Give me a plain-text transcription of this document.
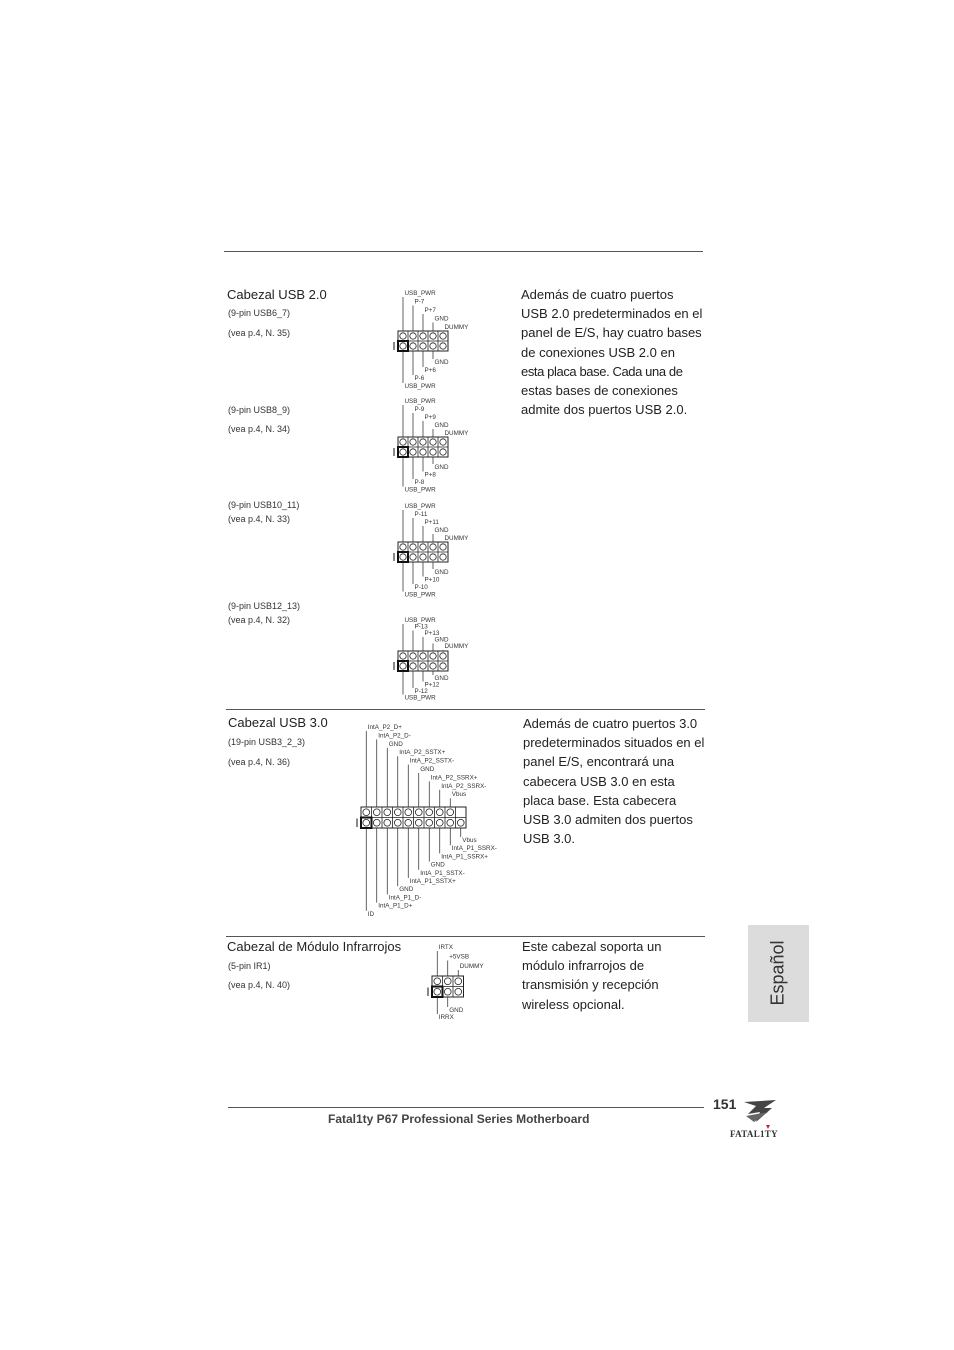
Cabezal USB 2.0
(9-pin USB6_7)
(vea p.4, N. 35)
(9-pin USB8_9)
(vea p.4, N. 34)
(9-pin USB10_11)
(vea p.4, N. 33)
(9-pin USB12_13)
(vea p.4, N. 32)
USB_PWR
P-7
P+7
GND
DUMMY
GND
P+6
P-6
USB_PWR
USB_PWR
P-9
P+9
GND
DUMMY
GND
P+8
P-8
USB_PWR
USB_PWR
P-11
P+11
GND
DUMMY
GND
P+10
P-10
USB_PWR
USB_PWR
P-13
P+13
GND
DUMMY
GND
P+12
P-12
USB_PWR
Además de cuatro puertos
USB 2.0 predeterminados en el
panel de E/S, hay cuatro bases
de conexiones USB 2.0 en
esta placa base. Cada una de
estas bases de conexiones
admite dos puertos USB 2.0.
Cabezal USB 3.0
(19-pin USB3_2_3)
(vea p.4, N. 36)
IntA_P2_D+
IntA_P2_D-
GND
IntA_P2_SSTX+
IntA_P2_SSTX-
GND
IntA_P2_SSRX+
IntA_P2_SSRX-
Vbus
Vbus
IntA_P1_SSRX-
IntA_P1_SSRX+
GND
IntA_P1_SSTX-
IntA_P1_SSTX+
GND
IntA_P1_D-
IntA_P1_D+
ID
Además de cuatro puertos 3.0
predeterminados situados en el
panel E/S, encontrará una
cabecera USB 3.0 en esta
placa base. Esta cabecera
USB 3.0 admiten dos puertos
USB 3.0.
Cabezal de Módulo Infrarrojos
(5-pin IR1)
(vea p.4, N. 40)
IRTX
+5VSB
DUMMY
GND
IRRX
Este cabezal soporta un
módulo infrarrojos de
transmisión y recepción
wireless opcional.	Español
Fatal1ty P67 Professional Series Motherboard
151
FATAL1TY
